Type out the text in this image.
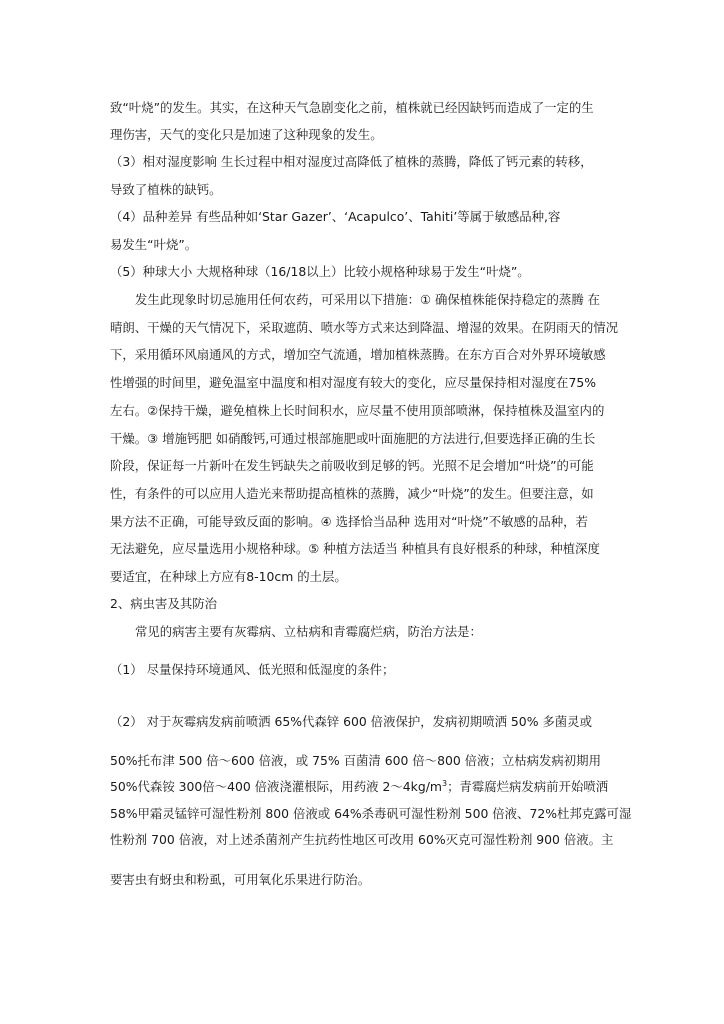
致“叶烧”的发生。其实，在这种天气急剧变化之前，植株就已经因缺钙而造成了一定的生
理伤害，天气的变化只是加速了这种现象的发生。
（3）相对湿度影响 生长过程中相对湿度过高降低了植株的蒸腾，降低了钙元素的转移，
导致了植株的缺钙。
（4）品种差异 有些品种如‘Star Gazer’、‘Acapulco’、Tahiti’等属于敏感品种,容
易发生“叶烧”。
（5）种球大小 大规格种球（16/18以上）比较小规格种球易于发生“叶烧”。
发生此现象时切忌施用任何农药，可采用以下措施：① 确保植株能保持稳定的蒸腾 在
晴朗、干燥的天气情况下，采取遮荫、喷水等方式来达到降温、增湿的效果。在阴雨天的情况
下，采用循环风扇通风的方式，增加空气流通，增加植株蒸腾。在东方百合对外界环境敏感
性增强的时间里，避免温室中温度和相对湿度有较大的变化，应尽量保持相对湿度在75%
左右。②保持干燥，避免植株上长时间积水，应尽量不使用顶部喷淋，保持植株及温室内的
干燥。③ 增施钙肥 如硝酸钙,可通过根部施肥或叶面施肥的方法进行,但要选择正确的生长
阶段，保证每一片新叶在发生钙缺失之前吸收到足够的钙。光照不足会增加“叶烧”的可能
性，有条件的可以应用人造光来帮助提高植株的蒸腾，减少“叶烧”的发生。但要注意，如
果方法不正确，可能导致反面的影响。④ 选择恰当品种 选用对“叶烧”不敏感的品种，若
无法避免，应尽量选用小规格种球。⑤ 种植方法适当 种植具有良好根系的种球，种植深度
要适宜，在种球上方应有8-10cm 的土层。
2、病虫害及其防治
常见的病害主要有灰霉病、立枯病和青霉腐烂病，防治方法是：
（1） 尽量保持环境通风、低光照和低湿度的条件；
（2） 对于灰霉病发病前喷洒 65%代森锌 600 倍液保护，发病初期喷洒 50% 多菌灵或
50%托布津 500 倍～600 倍液，或 75% 百菌清 600 倍～800 倍液；立枯病发病初期用
50%代森铵 300倍～400 倍液浇灌根际，用药液 $2\sim 4kg/m^3$；青霉腐烂病发病前开始喷洒
58%甲霜灵锰锌可湿性粉剂 800 倍液或 64%杀毒矾可湿性粉剂 500 倍液、72%杜邦克露可湿
性粉剂 700 倍液，对上述杀菌剂产生抗药性地区可改用 60%灭克可湿性粉剂 900 倍液。主
要害虫有蚜虫和粉虱，可用氧化乐果进行防治。
